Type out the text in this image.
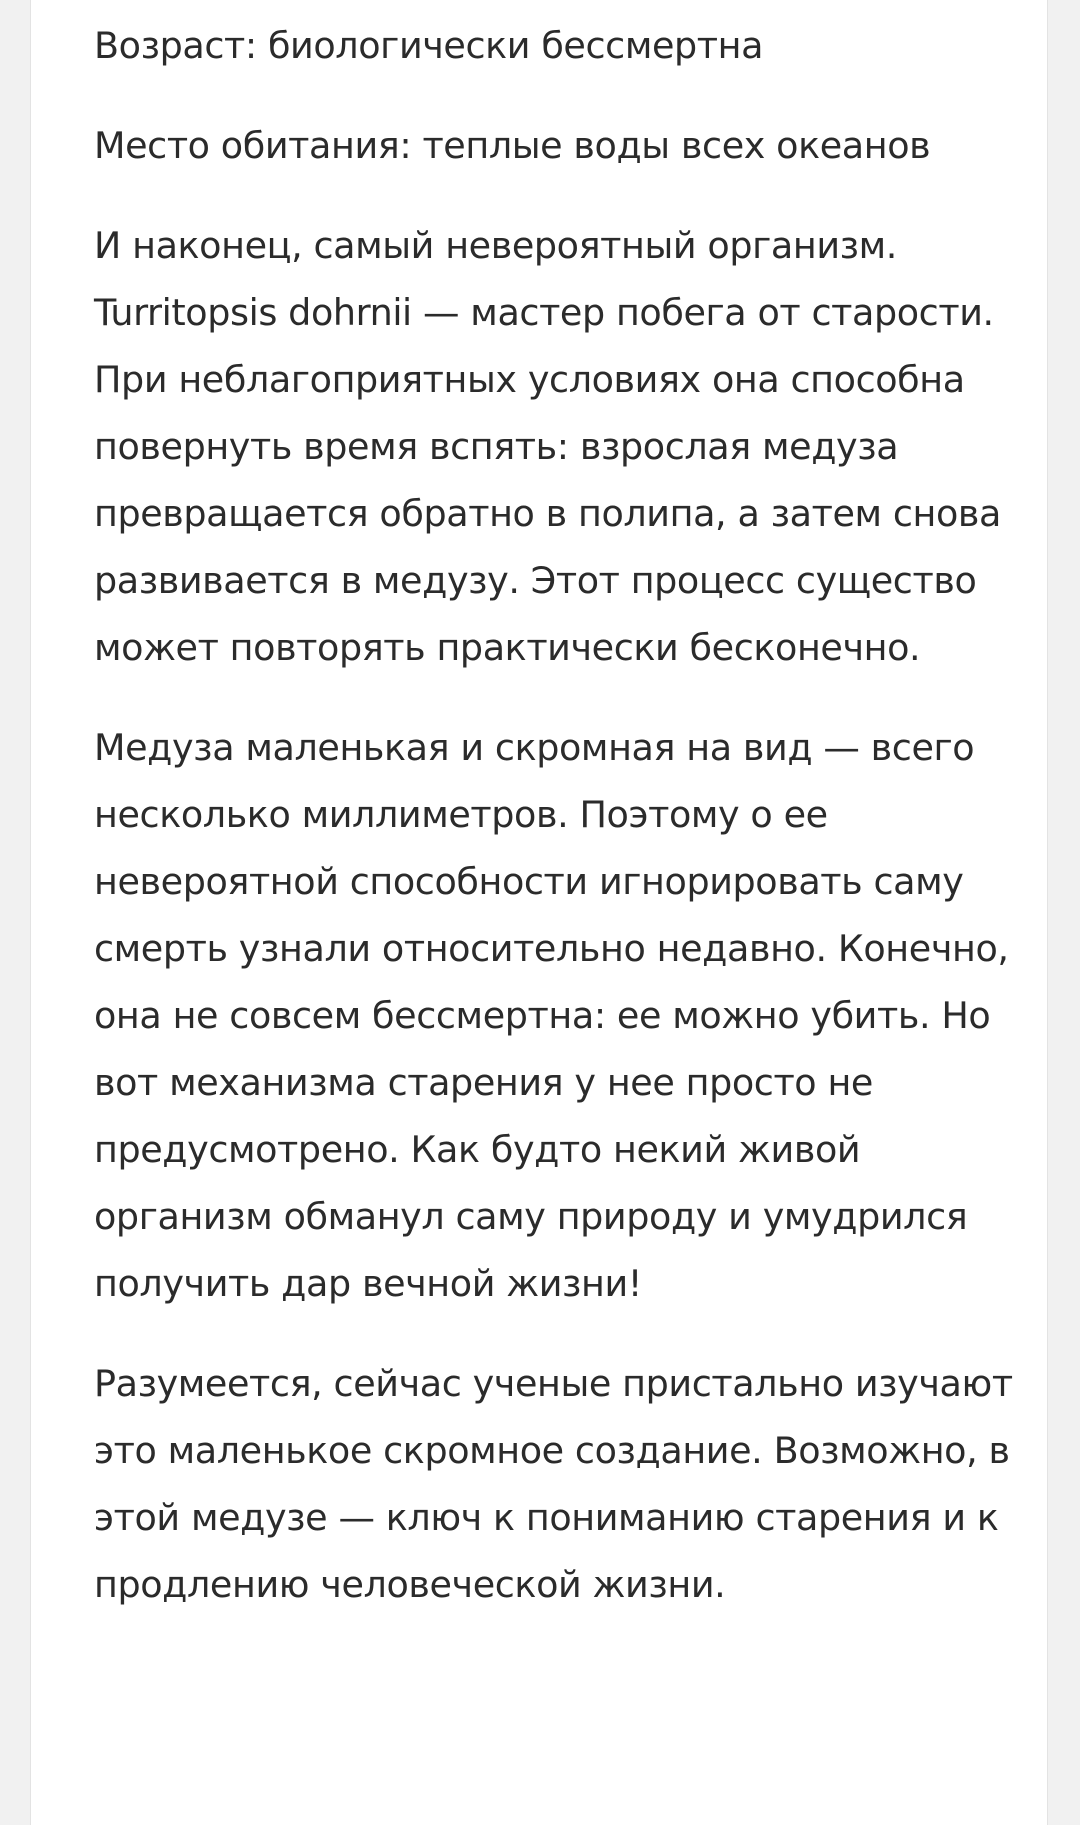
Возраст: биологически бессмертна

Место обитания: теплые воды всех океанов

И наконец, самый невероятный организм. Turritopsis dohrnii — мастер побега от старости. При неблагоприятных условиях она способна повернуть время вспять: взрослая медуза превращается обратно в полипа, а затем снова развивается в медузу. Этот процесс существо может повторять практически бесконечно.

Медуза маленькая и скромная на вид — всего несколько миллиметров. Поэтому о ее невероятной способности игнорировать саму смерть узнали относительно недавно. Конечно, она не совсем бессмертна: ее можно убить. Но вот механизма старения у нее просто не предусмотрено. Как будто некий живой организм обманул саму природу и умудрился получить дар вечной жизни!

Разумеется, сейчас ученые пристально изучают это маленькое скромное создание. Возможно, в этой медузе — ключ к пониманию старения и к продлению человеческой жизни.
